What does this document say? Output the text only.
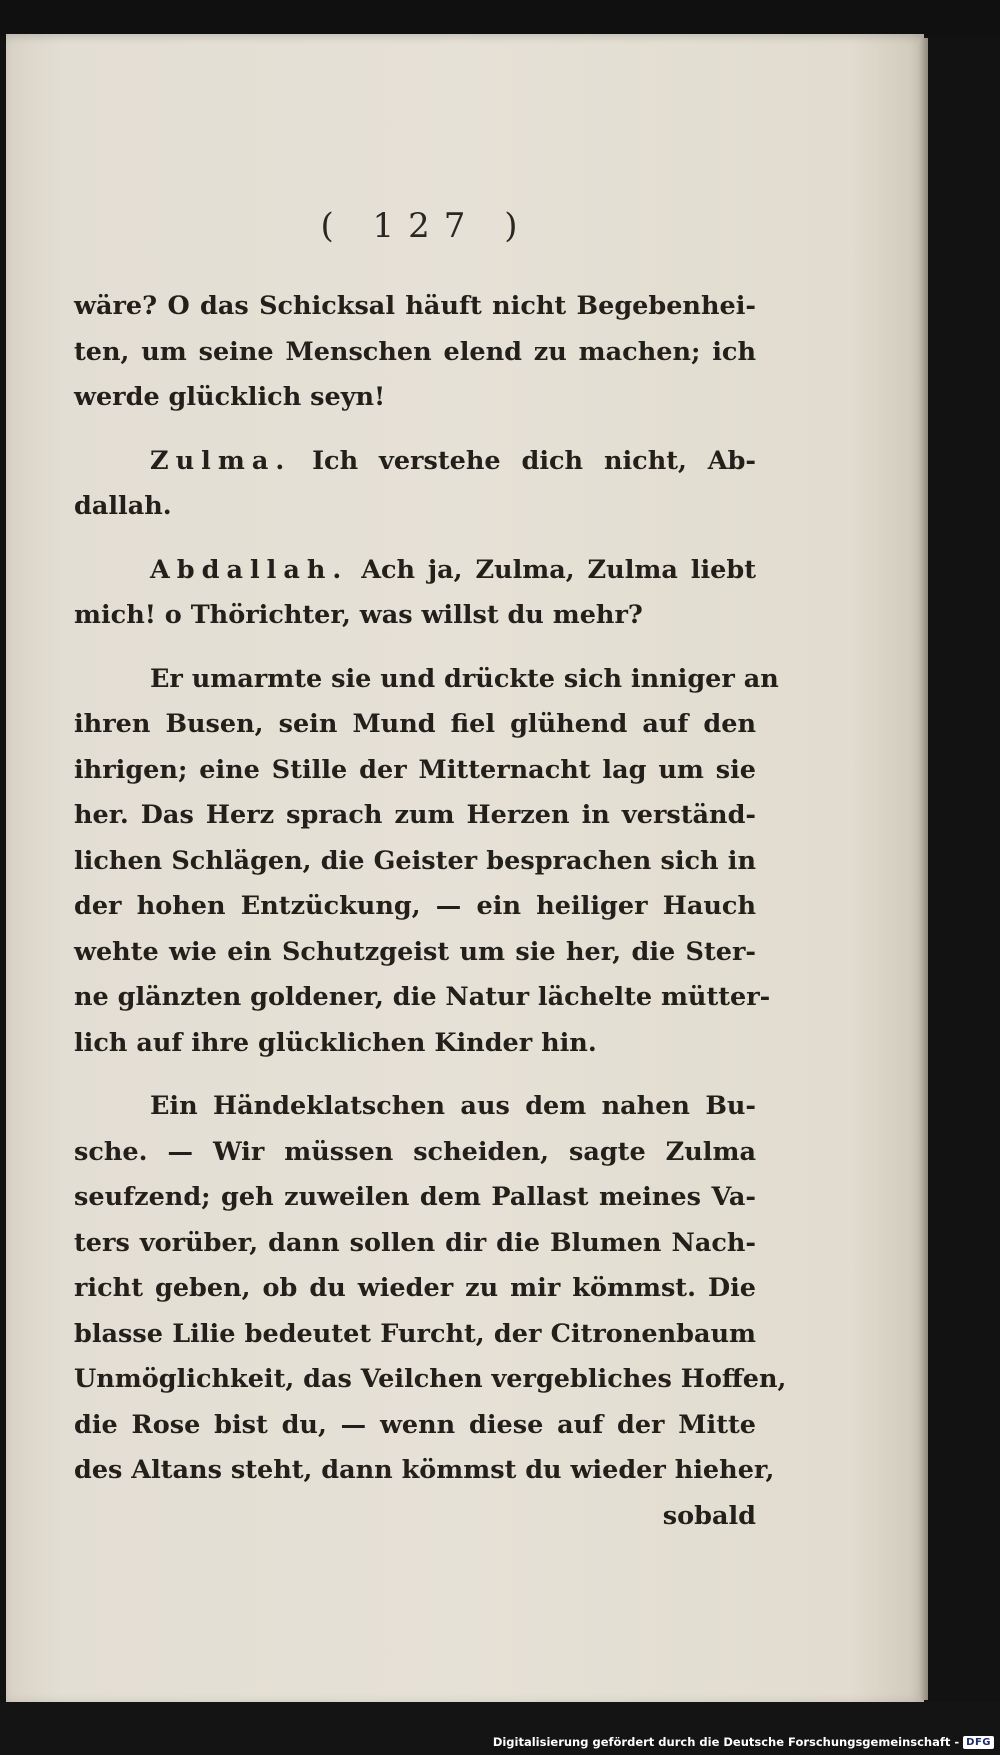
( 127 )

wäre? O das Schicksal häuft nicht Begebenhei-
ten, um seine Menschen elend zu machen; ich
werde glücklich seyn!

Zulma. Ich verstehe dich nicht, Ab-
dallah.

Abdallah. Ach ja, Zulma, Zulma liebt
mich! o Thörichter, was willst du mehr?

Er umarmte sie und drückte sich inniger an
ihren Busen, sein Mund fiel glühend auf den
ihrigen; eine Stille der Mitternacht lag um sie
her. Das Herz sprach zum Herzen in verständ-
lichen Schlägen, die Geister besprachen sich in
der hohen Entzückung, — ein heiliger Hauch
wehte wie ein Schutzgeist um sie her, die Ster-
ne glänzten goldener, die Natur lächelte mütter-
lich auf ihre glücklichen Kinder hin.

Ein Händeklatschen aus dem nahen Bu-
sche. — Wir müssen scheiden, sagte Zulma
seufzend; geh zuweilen dem Pallast meines Va-
ters vorüber, dann sollen dir die Blumen Nach-
richt geben, ob du wieder zu mir kömmst. Die
blasse Lilie bedeutet Furcht, der Citronenbaum
Unmöglichkeit, das Veilchen vergebliches Hoffen,
die Rose bist du, — wenn diese auf der Mitte
des Altans steht, dann kömmst du wieder hieher,

sobald
Digitalisierung gefördert durch die Deutsche Forschungsgemeinschaft - DFG
